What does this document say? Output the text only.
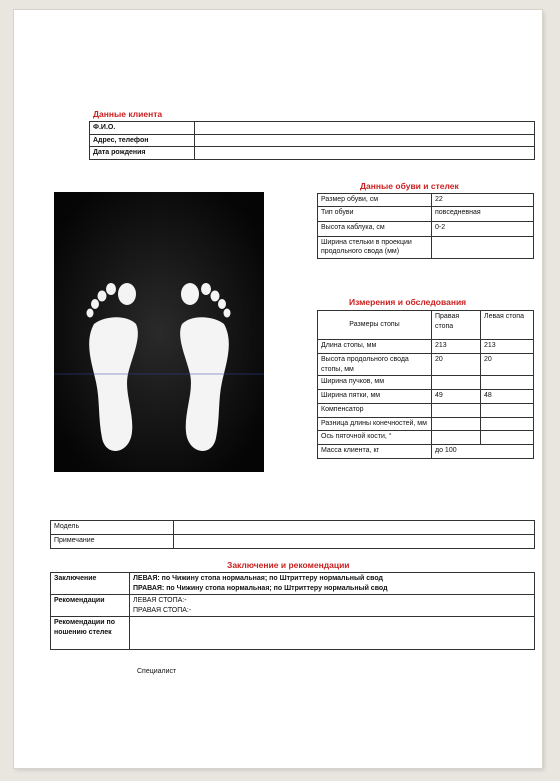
Данные клиента
Ф.И.О.	
Адрес, телефон	
Дата рождения	
Данные обуви и стелек
Размер обуви, см	22
Тип обуви	повседневная
Высота каблука, см	0-2
Ширина стельки в проекции продольного свода (мм)	
Измерения и обследования
Размеры стопы	Правая стопа	Левая стопа
Длина стопы, мм	213	213
Высота продольного свода стопы, мм	20	20
Ширина пучков, мм		
Ширина пятки, мм	49	48
Компенсатор		
Разница длины конечностей, мм		
Ось пяточной кости, °		
Масса клиента, кг	до 100	
Модель	
Примечание	
Заключение и рекомендации
Заключение	ЛЕВАЯ: по Чижину стопа нормальная; по Штриттеру нормальный свод
ПРАВАЯ: по Чижину стопа нормальная; по Штриттеру нормальный свод

Рекомендации	ЛЕВАЯ СТОПА:-
ПРАВАЯ СТОПА:-

Рекомендации по ношению стелек	
Специалист
